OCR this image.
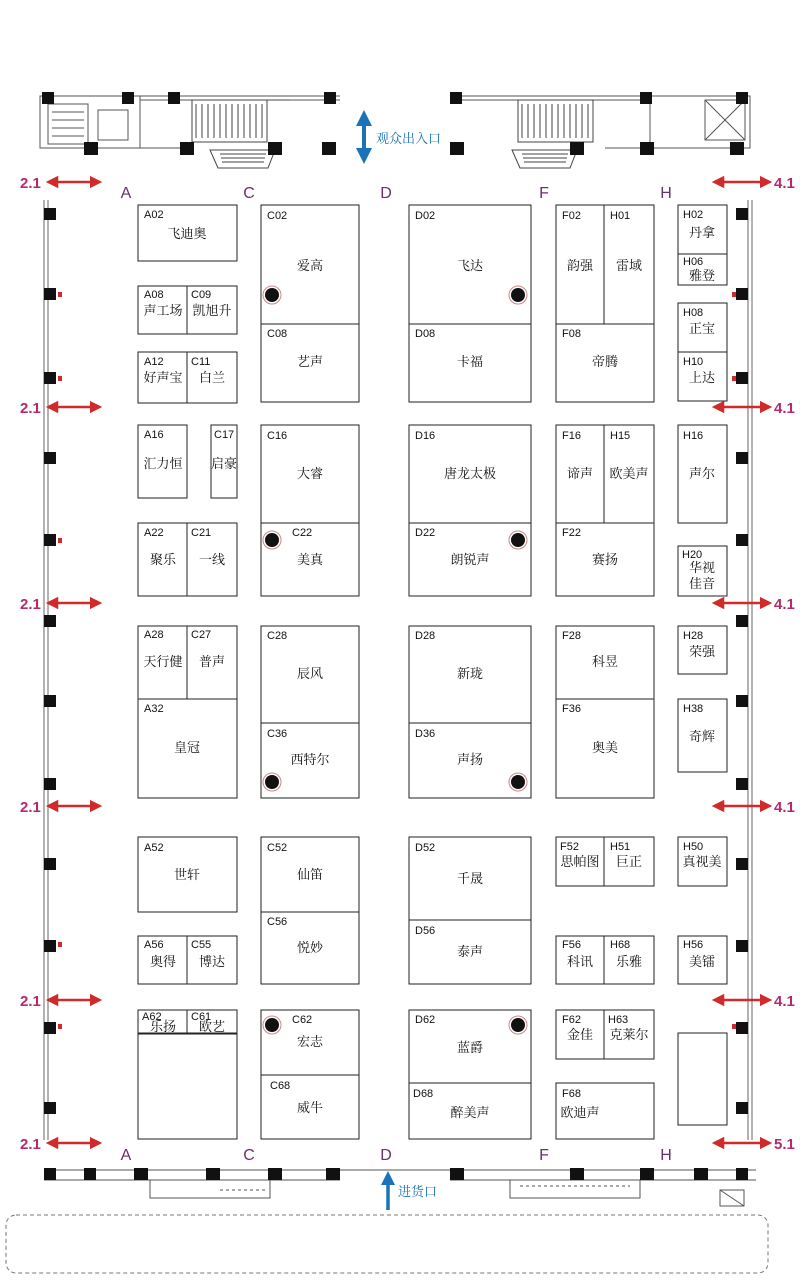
观众出入口
A	C	D	F	H
2.1
2.1
2.1
2.1
2.1
2.1
4.1
4.1
4.1
4.1
4.1
5.1
A02
飞迪奥
A08
声工场
C09
凯旭升
A12
好声宝
C11
白兰
A16
汇力恒
C17
启豪
A22
聚乐
C21
一线
A28
天行健
C27
普声
A32
皇冠
A52
世轩
A56
奥得
C55
博达
A62
乐扬
C61
欧艺
C02
爱高
C08
艺声
C16
大睿
C22
美真
C28
辰风
C36
西特尔
C52
仙笛
C56
悦妙
C62
宏志
C68
威牛
D02
飞达
D08
卡福
D16
唐龙太极
D22
朗锐声
D28
新珑
D36
声扬
D52
千晟
D56
泰声
D62
蓝爵
D68
醉美声
F02
韵强
H01
雷域
F08
帝腾
F16
谛声
H15
欧美声
F22
赛扬
F28
科昱
F36
奥美
F52
思帕图
H51
巨正
F56
科讯
H68
乐雅
F62
金佳
H63
克莱尔
F68
欧迪声
H02
丹拿
H06
雅登
H08
正宝
H10
上达
H16
声尔
H20
华视佳音
H28
荣强
H38
奇辉
H50
真视美
H56
美镭
A	C	D	F	H
进货口
